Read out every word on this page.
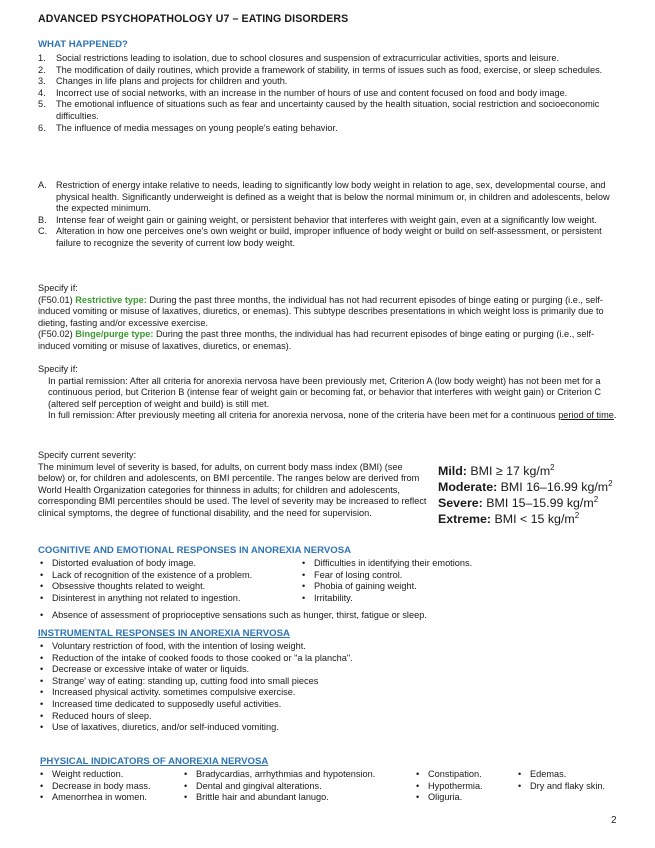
ADVANCED PSYCHOPATHOLOGY U7 – EATING DISORDERS
WHAT HAPPENED?
1. Social restrictions leading to isolation, due to school closures and suspension of extracurricular activities, sports and leisure.
2. The modification of daily routines, which provide a framework of stability, in terms of issues such as food, exercise, or sleep schedules.
3. Changes in life plans and projects for children and youth.
4. Incorrect use of social networks, with an increase in the number of hours of use and content focused on food and body image.
5. The emotional influence of situations such as fear and uncertainty caused by the health situation, social restriction and socioeconomic difficulties.
6. The influence of media messages on young people's eating behavior.
A. Restriction of energy intake relative to needs, leading to significantly low body weight in relation to age, sex, developmental course, and physical health. Significantly underweight is defined as a weight that is below the normal minimum or, in children and adolescents, below the expected minimum.
B. Intense fear of weight gain or gaining weight, or persistent behavior that interferes with weight gain, even at a significantly low weight.
C. Alteration in how one perceives one's own weight or build, improper influence of body weight or build on self-assessment, or persistent failure to recognize the severity of current low body weight.
Specify if:
(F50.01) Restrictive type: During the past three months, the individual has not had recurrent episodes of binge eating or purging (i.e., self-induced vomiting or misuse of laxatives, diuretics, or enemas). This subtype describes presentations in which weight loss is primarily due to dieting, fasting and/or excessive exercise.
(F50.02) Binge/purge type: During the past three months, the individual has had recurrent episodes of binge eating or purging (i.e., self-induced vomiting or misuse of laxatives, diuretics, or enemas).
Specify if:
In partial remission: After all criteria for anorexia nervosa have been previously met, Criterion A (low body weight) has not been met for a continuous period, but Criterion B (intense fear of weight gain or becoming fat, or behavior that interferes with weight gain) or Criterion C (altered self perception of weight and build) is still met.
In full remission: After previously meeting all criteria for anorexia nervosa, none of the criteria have been met for a continuous period of time.
Specify current severity:
The minimum level of severity is based, for adults, on current body mass index (BMI) (see below) or, for children and adolescents, on BMI percentile. The ranges below are derived from World Health Organization categories for thinness in adults; for children and adolescents, corresponding BMI percentiles should be used. The level of severity may be increased to reflect clinical symptoms, the degree of functional disability, and the need for supervision.
Mild: BMI ≥ 17 $kg/m^2$
Moderate: BMI 16–16.99 $kg/m^2$
Severe: BMI 15–15.99 $kg/m^2$
Extreme: BMI < 15 $kg/m^2$
COGNITIVE AND EMOTIONAL RESPONSES IN ANOREXIA NERVOSA
• Distorted evaluation of body image.
• Lack of recognition of the existence of a problem.
• Obsessive thoughts related to weight.
• Disinterest in anything not related to ingestion.
• Difficulties in identifying their emotions.
• Fear of losing control.
• Phobia of gaining weight.
• Irritability.
• Absence of assessment of proprioceptive sensations such as hunger, thirst, fatigue or sleep.
INSTRUMENTAL RESPONSES IN ANOREXIA NERVOSA
• Voluntary restriction of food, with the intention of losing weight.
• Reduction of the intake of cooked foods to those cooked or "a la plancha".
• Decrease or excessive intake of water or liquids.
• Strange' way of eating: standing up, cutting food into small pieces
• Increased physical activity. sometimes compulsive exercise.
• Increased time dedicated to supposedly useful activities.
• Reduced hours of sleep.
• Use of laxatives, diuretics, and/or self-induced vomiting.
PHYSICAL INDICATORS OF ANOREXIA NERVOSA
• Weight reduction.
• Decrease in body mass.
• Amenorrhea in women.
• Bradycardias, arrhythmias and hypotension.
• Dental and gingival alterations.
• Brittle hair and abundant lanugo.
• Constipation.
• Hypothermia.
• Oliguria.
• Edemas.
• Dry and flaky skin.
2
